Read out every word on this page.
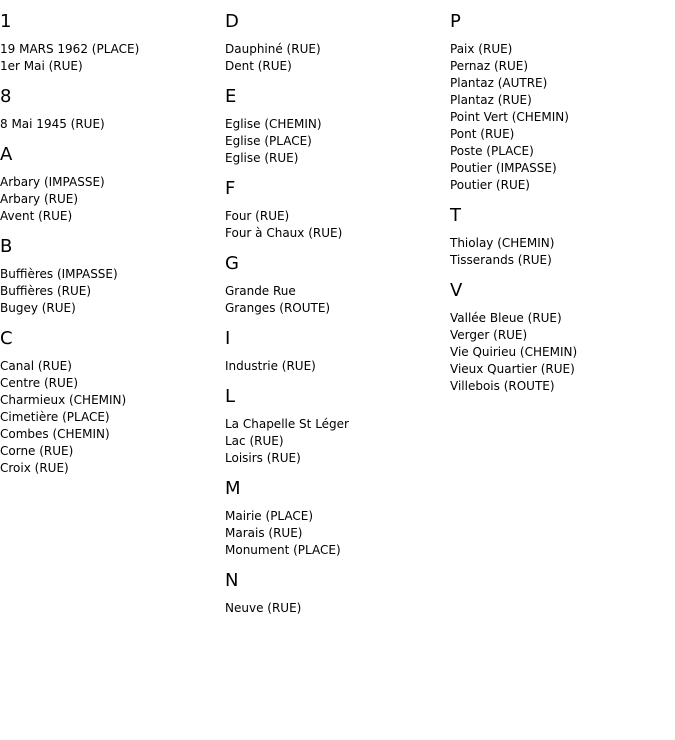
1
19 MARS 1962 (PLACE)
1er Mai (RUE)
8
8 Mai 1945 (RUE)
A
Arbary (IMPASSE)
Arbary (RUE)
Avent (RUE)
B
Buffières (IMPASSE)
Buffières (RUE)
Bugey (RUE)
C
Canal (RUE)
Centre (RUE)
Charmieux (CHEMIN)
Cimetière (PLACE)
Combes (CHEMIN)
Corne (RUE)
Croix (RUE)
D
Dauphiné (RUE)
Dent (RUE)
E
Eglise (CHEMIN)
Eglise (PLACE)
Eglise (RUE)
F
Four (RUE)
Four à Chaux (RUE)
G
Grande Rue
Granges (ROUTE)
I
Industrie (RUE)
L
La Chapelle St Léger
Lac (RUE)
Loisirs (RUE)
M
Mairie (PLACE)
Marais (RUE)
Monument (PLACE)
N
Neuve (RUE)
P
Paix (RUE)
Pernaz (RUE)
Plantaz (AUTRE)
Plantaz (RUE)
Point Vert (CHEMIN)
Pont (RUE)
Poste (PLACE)
Poutier (IMPASSE)
Poutier (RUE)
T
Thiolay (CHEMIN)
Tisserands (RUE)
V
Vallée Bleue (RUE)
Verger (RUE)
Vie Quirieu (CHEMIN)
Vieux Quartier (RUE)
Villebois (ROUTE)
